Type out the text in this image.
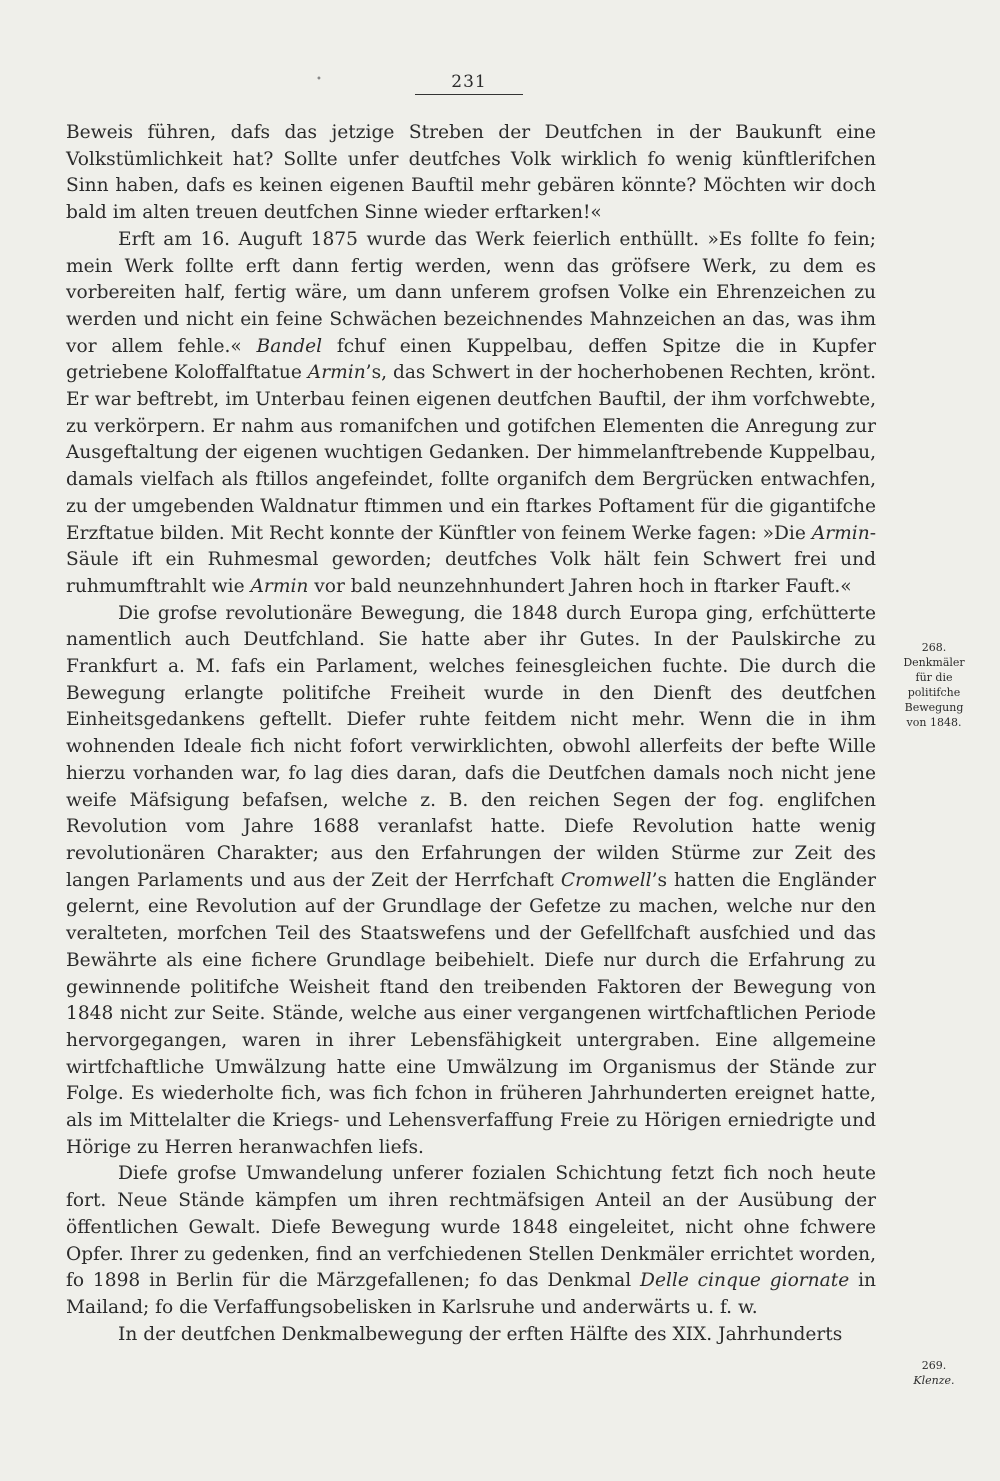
•	231

Beweis führen, dafs das jetzige Streben der Deutfchen in der Baukunft eine Volkstümlichkeit hat? Sollte unfer deutfches Volk wirklich fo wenig künftlerifchen Sinn haben, dafs es keinen eigenen Bauftil mehr gebären könnte? Möchten wir doch bald im alten treuen deutfchen Sinne wieder erftarken!«

Erft am 16. Auguft 1875 wurde das Werk feierlich enthüllt. »Es follte fo fein; mein Werk follte erft dann fertig werden, wenn das gröfsere Werk, zu dem es vorbereiten half, fertig wäre, um dann unferem grofsen Volke ein Ehrenzeichen zu werden und nicht ein feine Schwächen bezeichnendes Mahnzeichen an das, was ihm vor allem fehle.« Bandel fchuf einen Kuppelbau, deffen Spitze die in Kupfer getriebene Koloffalftatue Armin’s, das Schwert in der hocherhobenen Rechten, krönt. Er war beftrebt, im Unterbau feinen eigenen deutfchen Bauftil, der ihm vorfchwebte, zu verkörpern. Er nahm aus romanifchen und gotifchen Elementen die Anregung zur Ausgeftaltung der eigenen wuchtigen Gedanken. Der himmelanftrebende Kuppelbau, damals vielfach als ftillos angefeindet, follte organifch dem Bergrücken entwachfen, zu der umgebenden Waldnatur ftimmen und ein ftarkes Poftament für die gigantifche Erzftatue bilden. Mit Recht konnte der Künftler von feinem Werke fagen: »Die Armin-Säule ift ein Ruhmesmal geworden; deutfches Volk hält fein Schwert frei und ruhmumftrahlt wie Armin vor bald neunzehnhundert Jahren hoch in ftarker Fauft.«

Die grofse revolutionäre Bewegung, die 1848 durch Europa ging, erfchütterte namentlich auch Deutfchland. Sie hatte aber ihr Gutes. In der Paulskirche zu Frankfurt a. M. fafs ein Parlament, welches feinesgleichen fuchte. Die durch die Bewegung erlangte politifche Freiheit wurde in den Dienft des deutfchen Einheitsgedankens geftellt. Diefer ruhte feitdem nicht mehr. Wenn die in ihm wohnenden Ideale fich nicht fofort verwirklichten, obwohl allerfeits der befte Wille hierzu vorhanden war, fo lag dies daran, dafs die Deutfchen damals noch nicht jene weife Mäfsigung befafsen, welche z. B. den reichen Segen der fog. englifchen Revolution vom Jahre 1688 veranlafst hatte. Diefe Revolution hatte wenig revolutionären Charakter; aus den Erfahrungen der wilden Stürme zur Zeit des langen Parlaments und aus der Zeit der Herrfchaft Cromwell’s hatten die Engländer gelernt, eine Revolution auf der Grundlage der Gefetze zu machen, welche nur den veralteten, morfchen Teil des Staatswefens und der Gefellfchaft ausfchied und das Bewährte als eine fichere Grundlage beibehielt. Diefe nur durch die Erfahrung zu gewinnende politifche Weisheit ftand den treibenden Faktoren der Bewegung von 1848 nicht zur Seite. Stände, welche aus einer vergangenen wirtfchaftlichen Periode hervorgegangen, waren in ihrer Lebensfähigkeit untergraben. Eine allgemeine wirtfchaftliche Umwälzung hatte eine Umwälzung im Organismus der Stände zur Folge. Es wiederholte fich, was fich fchon in früheren Jahrhunderten ereignet hatte, als im Mittelalter die Kriegs- und Lehensverfaffung Freie zu Hörigen erniedrigte und Hörige zu Herren heranwachfen liefs.

Diefe grofse Umwandelung unferer fozialen Schichtung fetzt fich noch heute fort. Neue Stände kämpfen um ihren rechtmäfsigen Anteil an der Ausübung der öffentlichen Gewalt. Diefe Bewegung wurde 1848 eingeleitet, nicht ohne fchwere Opfer. Ihrer zu gedenken, find an verfchiedenen Stellen Denkmäler errichtet worden, fo 1898 in Berlin für die Märzgefallenen; fo das Denkmal Delle cinque giornate in Mailand; fo die Verfaffungsobelisken in Karlsruhe und anderwärts u. f. w.

In der deutfchen Denkmalbewegung der erften Hälfte des XIX. Jahrhunderts

268.
Denkmäler
für die
politifche
Bewegung
von 1848.
269.
Klenze.
